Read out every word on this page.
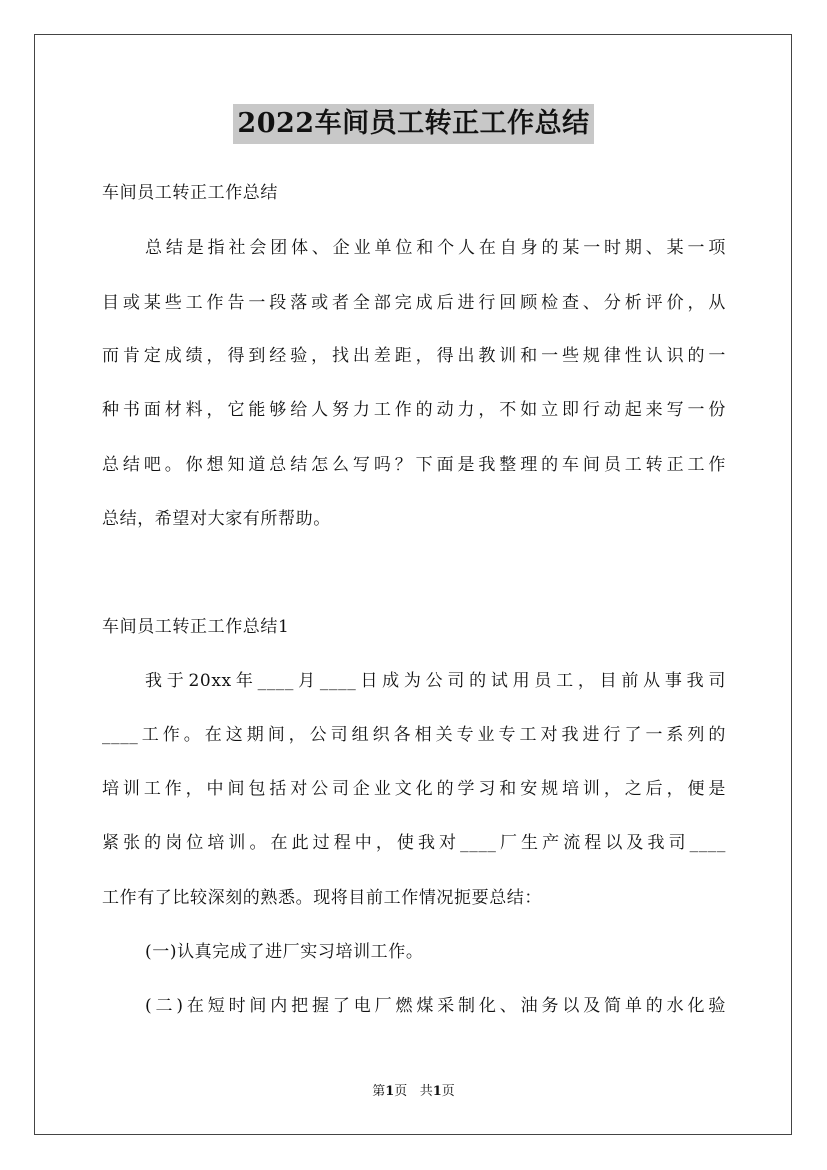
2022车间员工转正工作总结
车间员工转正工作总结
总结是指社会团体、企业单位和个人在自身的某一时期、某一项
目或某些工作告一段落或者全部完成后进行回顾检查、分析评价，从
而肯定成绩，得到经验，找出差距，得出教训和一些规律性认识的一
种书面材料，它能够给人努力工作的动力，不如立即行动起来写一份
总结吧。你想知道总结怎么写吗？下面是我整理的车间员工转正工作
总结，希望对大家有所帮助。
车间员工转正工作总结1
我于20xx年____月____日成为公司的试用员工，目前从事我司
____工作。在这期间，公司组织各相关专业专工对我进行了一系列的
培训工作，中间包括对公司企业文化的学习和安规培训，之后，便是
紧张的岗位培训。在此过程中，使我对____厂生产流程以及我司____
工作有了比较深刻的熟悉。现将目前工作情况扼要总结：
(一)认真完成了进厂实习培训工作。
(二)在短时间内把握了电厂燃煤采制化、油务以及简单的水化验
第1页 共1页
